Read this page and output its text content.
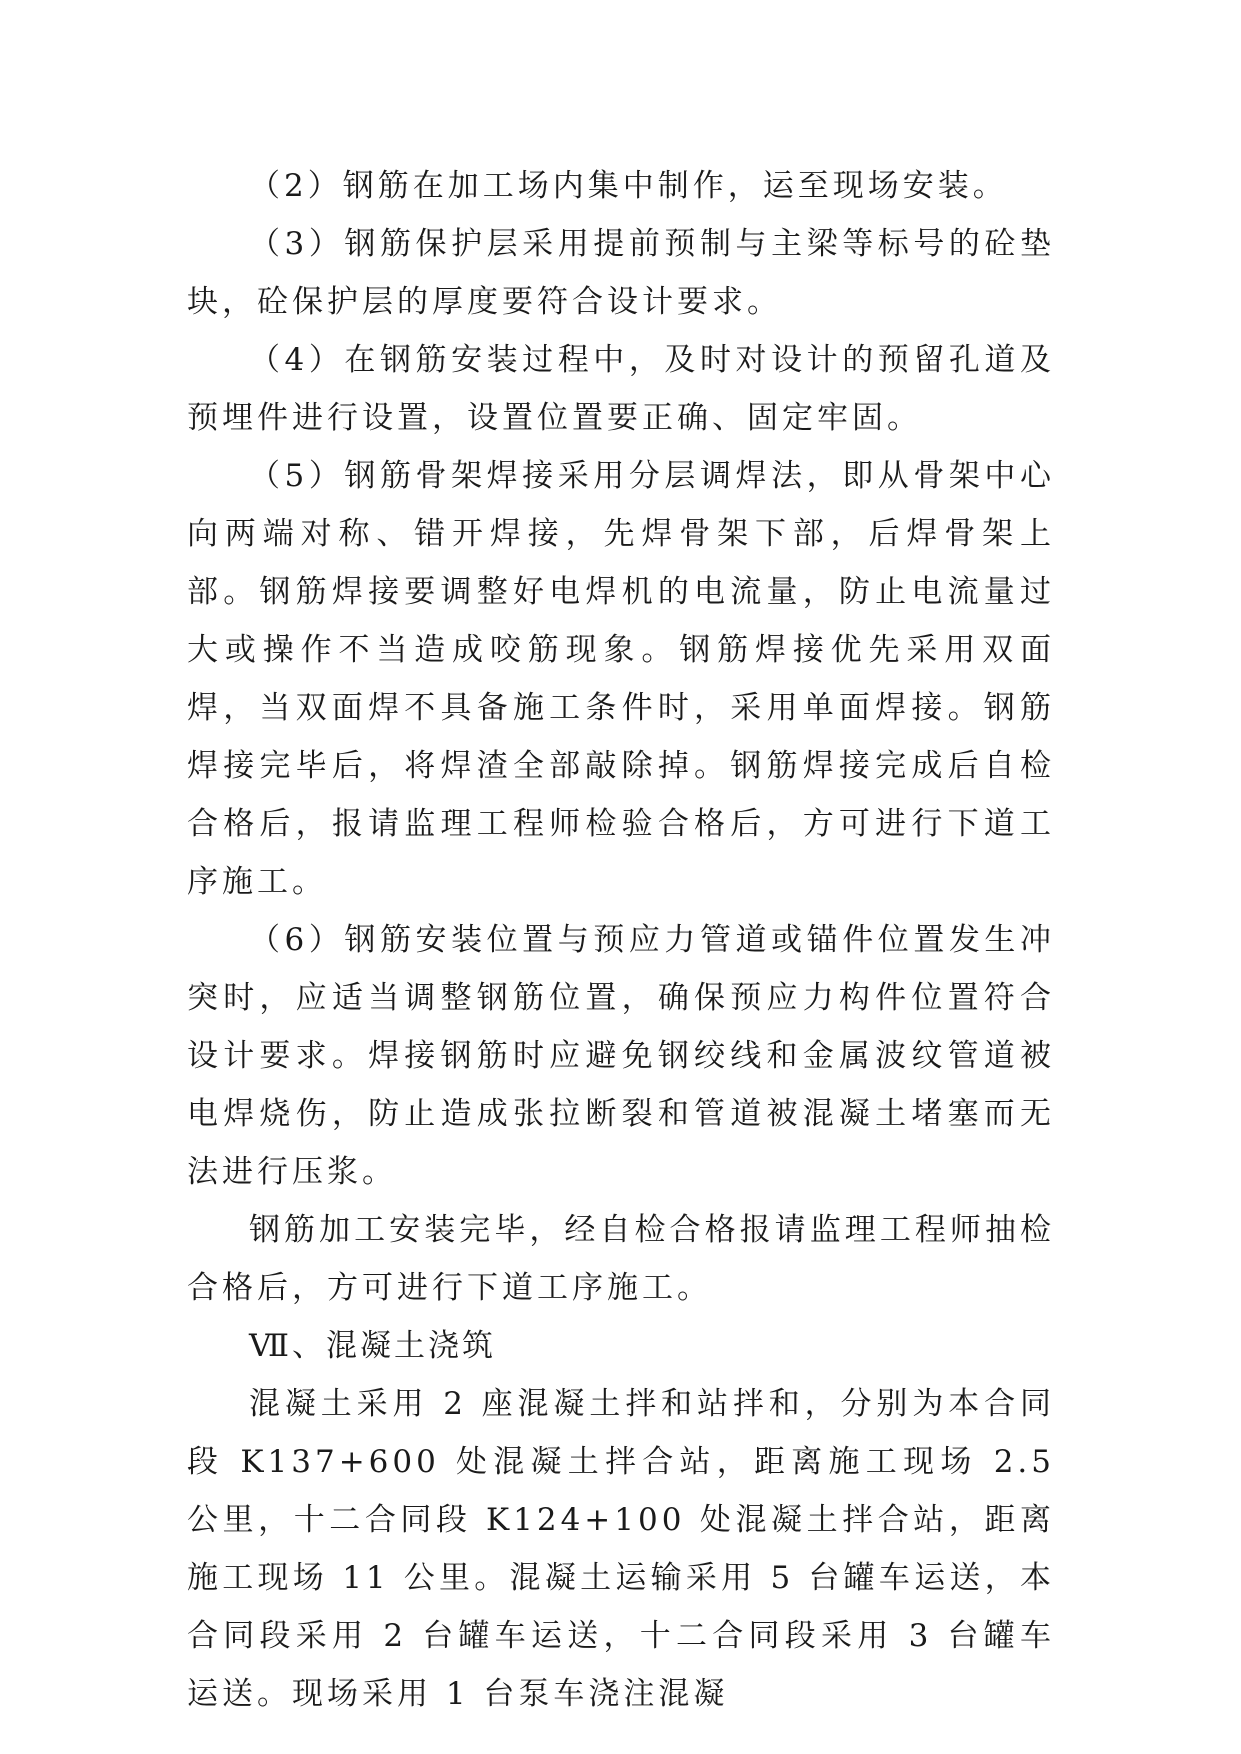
（2）钢筋在加工场内集中制作，运至现场安装。

（3）钢筋保护层采用提前预制与主梁等标号的砼垫块，砼保护层的厚度要符合设计要求。

（4）在钢筋安装过程中，及时对设计的预留孔道及预埋件进行设置，设置位置要正确、固定牢固。

（5）钢筋骨架焊接采用分层调焊法，即从骨架中心向两端对称、错开焊接，先焊骨架下部，后焊骨架上部。钢筋焊接要调整好电焊机的电流量，防止电流量过大或操作不当造成咬筋现象。钢筋焊接优先采用双面焊，当双面焊不具备施工条件时，采用单面焊接。钢筋焊接完毕后，将焊渣全部敲除掉。钢筋焊接完成后自检合格后，报请监理工程师检验合格后，方可进行下道工序施工。

（6）钢筋安装位置与预应力管道或锚件位置发生冲突时，应适当调整钢筋位置，确保预应力构件位置符合设计要求。焊接钢筋时应避免钢绞线和金属波纹管道被电焊烧伤，防止造成张拉断裂和管道被混凝土堵塞而无法进行压浆。

钢筋加工安装完毕，经自检合格报请监理工程师抽检合格后，方可进行下道工序施工。

Ⅶ、混凝土浇筑

混凝土采用 2 座混凝土拌和站拌和，分别为本合同段 K137+600 处混凝土拌合站，距离施工现场 2.5 公里，十二合同段 K124+100 处混凝土拌合站，距离施工现场 11 公里。混凝土运输采用 5 台罐车运送，本合同段采用 2 台罐车运送，十二合同段采用 3 台罐车运送。现场采用 1 台泵车浇注混凝
